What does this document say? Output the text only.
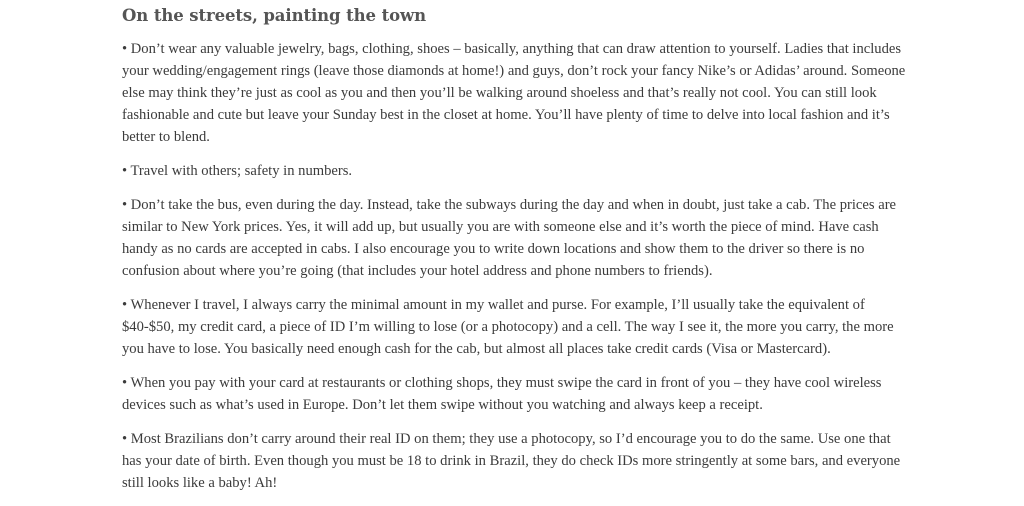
On the streets, painting the town

• Don’t wear any valuable jewelry, bags, clothing, shoes – basically, anything that can draw attention to yourself. Ladies that includes your wedding/engagement rings (leave those diamonds at home!) and guys, don’t rock your fancy Nike’s or Adidas’ around. Someone else may think they’re just as cool as you and then you’ll be walking around shoeless and that’s really not cool. You can still look fashionable and cute but leave your Sunday best in the closet at home. You’ll have plenty of time to delve into local fashion and it’s better to blend.

• Travel with others; safety in numbers.

• Don’t take the bus, even during the day. Instead, take the subways during the day and when in doubt, just take a cab. The prices are similar to New York prices. Yes, it will add up, but usually you are with someone else and it’s worth the piece of mind. Have cash handy as no cards are accepted in cabs. I also encourage you to write down locations and show them to the driver so there is no confusion about where you’re going (that includes your hotel address and phone numbers to friends).

• Whenever I travel, I always carry the minimal amount in my wallet and purse. For example, I’ll usually take the equivalent of $40-$50, my credit card, a piece of ID I’m willing to lose (or a photocopy) and a cell. The way I see it, the more you carry, the more you have to lose. You basically need enough cash for the cab, but almost all places take credit cards (Visa or Mastercard).

• When you pay with your card at restaurants or clothing shops, they must swipe the card in front of you – they have cool wireless devices such as what’s used in Europe. Don’t let them swipe without you watching and always keep a receipt.

• Most Brazilians don’t carry around their real ID on them; they use a photocopy, so I’d encourage you to do the same. Use one that has your date of birth. Even though you must be 18 to drink in Brazil, they do check IDs more stringently at some bars, and everyone still looks like a baby! Ah!
